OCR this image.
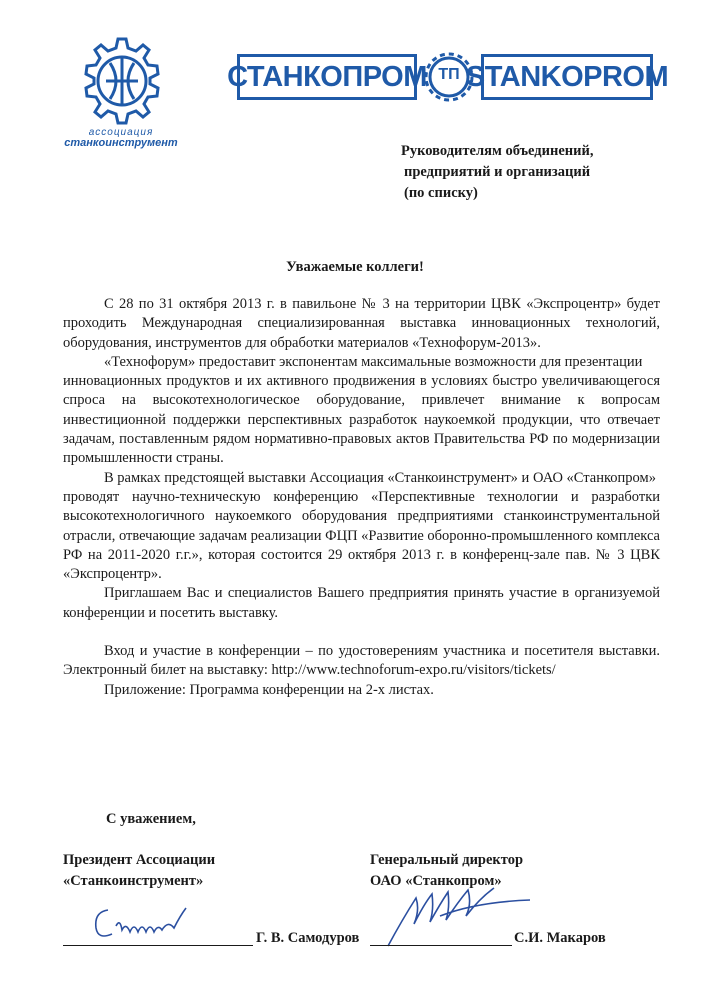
ассоциация
станкоинструмент
СТАНКОПРОМ ТП STANKOPROM
Руководителям объединений,
предприятий и организаций
(по списку)
Уважаемые коллеги!

С 28 по 31 октября 2013 г. в павильоне № 3 на территории ЦВК «Экспроцентр» будет проходить Международная специализированная выставка инновационных технологий, оборудования, инструментов для обработки материалов «Технофорум-2013».

«Технофорум» предоставит экспонентам максимальные возможности для презентации

инновационных продуктов и их активного продвижения в условиях быстро увеличивающегося спроса на высокотехнологическое оборудование, привлечет внимание к вопросам инвестиционной поддержки перспективных разработок наукоемкой продукции, что отвечает задачам, поставленным рядом нормативно-правовых актов Правительства РФ по модернизации промышленности страны.

В рамках предстоящей выставки Ассоциация «Станкоинструмент» и ОАО «Станкопром»

проводят научно-техническую конференцию «Перспективные технологии и разработки высокотехнологичного наукоемкого оборудования предприятиями станкоинструментальной отрасли, отвечающие задачам реализации ФЦП «Развитие оборонно-промышленного комплекса РФ на 2011-2020 г.г.», которая состоится 29 октября 2013 г. в конференц-зале пав. № 3 ЦВК «Экспроцентр».

Приглашаем Вас и специалистов Вашего предприятия принять участие в организуемой конференции и посетить выставку.

Вход и участие в конференции – по удостоверениям участника и посетителя выставки. Электронный билет на выставку: http://www.technoforum-expo.ru/visitors/tickets/

Приложение: Программа конференции на 2-х листах.

С уважением,
Президент Ассоциации
«Станкоинструмент»
Г. В. Самодуров
Генеральный директор
ОАО «Станкопром»
С.И. Макаров
